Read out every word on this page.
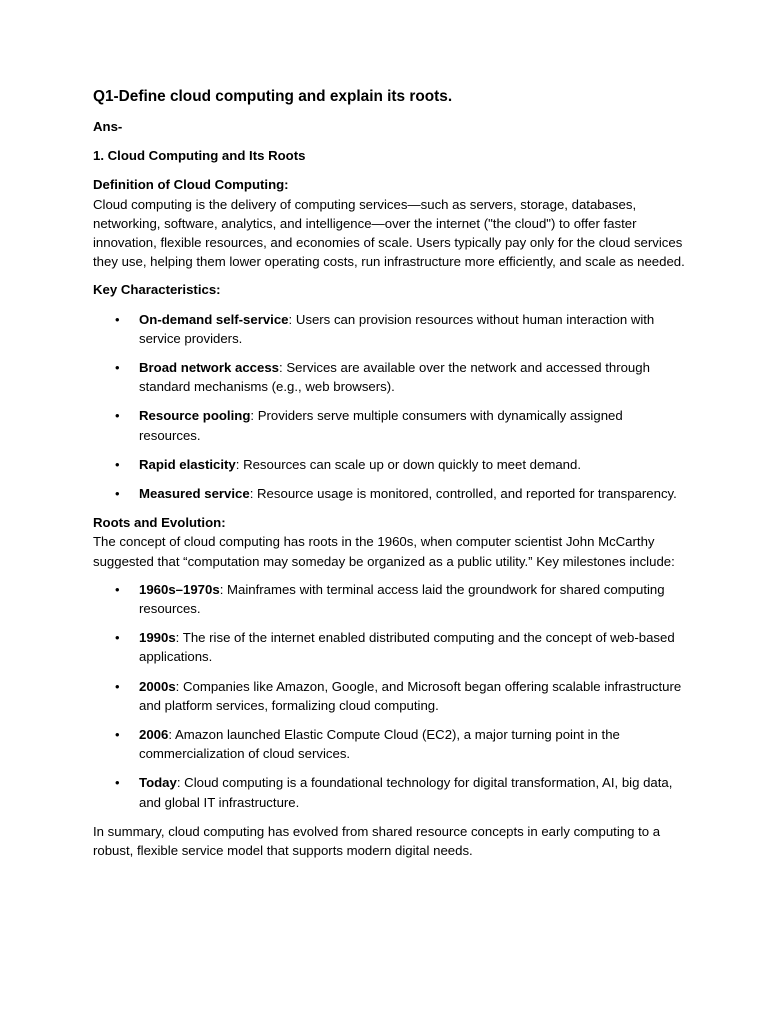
Q1-Define cloud computing and explain its roots.
Ans-
1. Cloud Computing and Its Roots
Definition of Cloud Computing:
Cloud computing is the delivery of computing services—such as servers, storage, databases, networking, software, analytics, and intelligence—over the internet ("the cloud") to offer faster innovation, flexible resources, and economies of scale. Users typically pay only for the cloud services they use, helping them lower operating costs, run infrastructure more efficiently, and scale as needed.
Key Characteristics:
• On-demand self-service: Users can provision resources without human interaction with service providers.
• Broad network access: Services are available over the network and accessed through standard mechanisms (e.g., web browsers).
• Resource pooling: Providers serve multiple consumers with dynamically assigned resources.
• Rapid elasticity: Resources can scale up or down quickly to meet demand.
• Measured service: Resource usage is monitored, controlled, and reported for transparency.
Roots and Evolution:
The concept of cloud computing has roots in the 1960s, when computer scientist John McCarthy suggested that “computation may someday be organized as a public utility.” Key milestones include:
• 1960s–1970s: Mainframes with terminal access laid the groundwork for shared computing resources.
• 1990s: The rise of the internet enabled distributed computing and the concept of web-based applications.
• 2000s: Companies like Amazon, Google, and Microsoft began offering scalable infrastructure and platform services, formalizing cloud computing.
• 2006: Amazon launched Elastic Compute Cloud (EC2), a major turning point in the commercialization of cloud services.
• Today: Cloud computing is a foundational technology for digital transformation, AI, big data, and global IT infrastructure.
In summary, cloud computing has evolved from shared resource concepts in early computing to a robust, flexible service model that supports modern digital needs.
